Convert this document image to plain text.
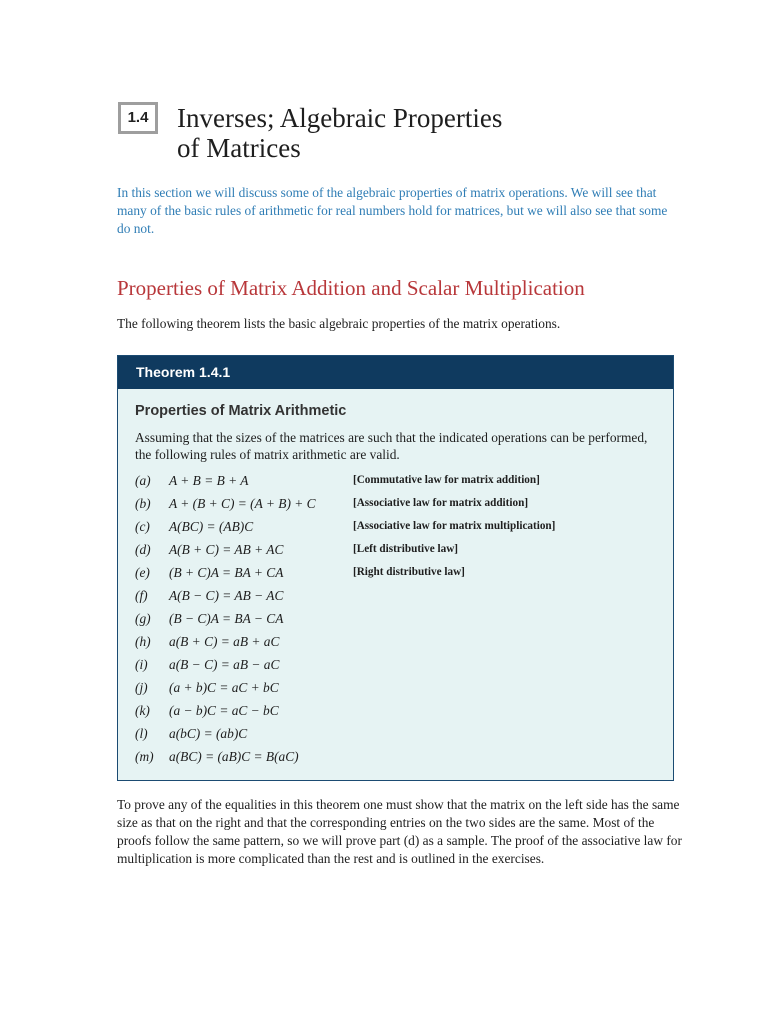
1.4	Inverses; Algebraic Properties
of Matrices
In this section we will discuss some of the algebraic properties of matrix operations. We will see that many of the basic rules of arithmetic for real numbers hold for matrices, but we will also see that some do not.
Properties of Matrix Addition and Scalar Multiplication
The following theorem lists the basic algebraic properties of the matrix operations.
Theorem 1.4.1
Properties of Matrix Arithmetic
Assuming that the sizes of the matrices are such that the indicated operations can be performed, the following rules of matrix arithmetic are valid.
(a) A + B = B + A	[Commutative law for matrix addition]
(b) A + (B + C) = (A + B) + C	[Associative law for matrix addition]
(c) A(BC) = (AB)C	[Associative law for matrix multiplication]
(d) A(B + C) = AB + AC	[Left distributive law]
(e) (B + C)A = BA + CA	[Right distributive law]
(f) A(B − C) = AB − AC
(g) (B − C)A = BA − CA
(h) a(B + C) = aB + aC
(i) a(B − C) = aB − aC
(j) (a + b)C = aC + bC
(k) (a − b)C = aC − bC
(l) a(bC) = (ab)C
(m) a(BC) = (aB)C = B(aC)
To prove any of the equalities in this theorem one must show that the matrix on the left side has the same size as that on the right and that the corresponding entries on the two sides are the same. Most of the proofs follow the same pattern, so we will prove part (d) as a sample. The proof of the associative law for multiplication is more complicated than the rest and is outlined in the exercises.
